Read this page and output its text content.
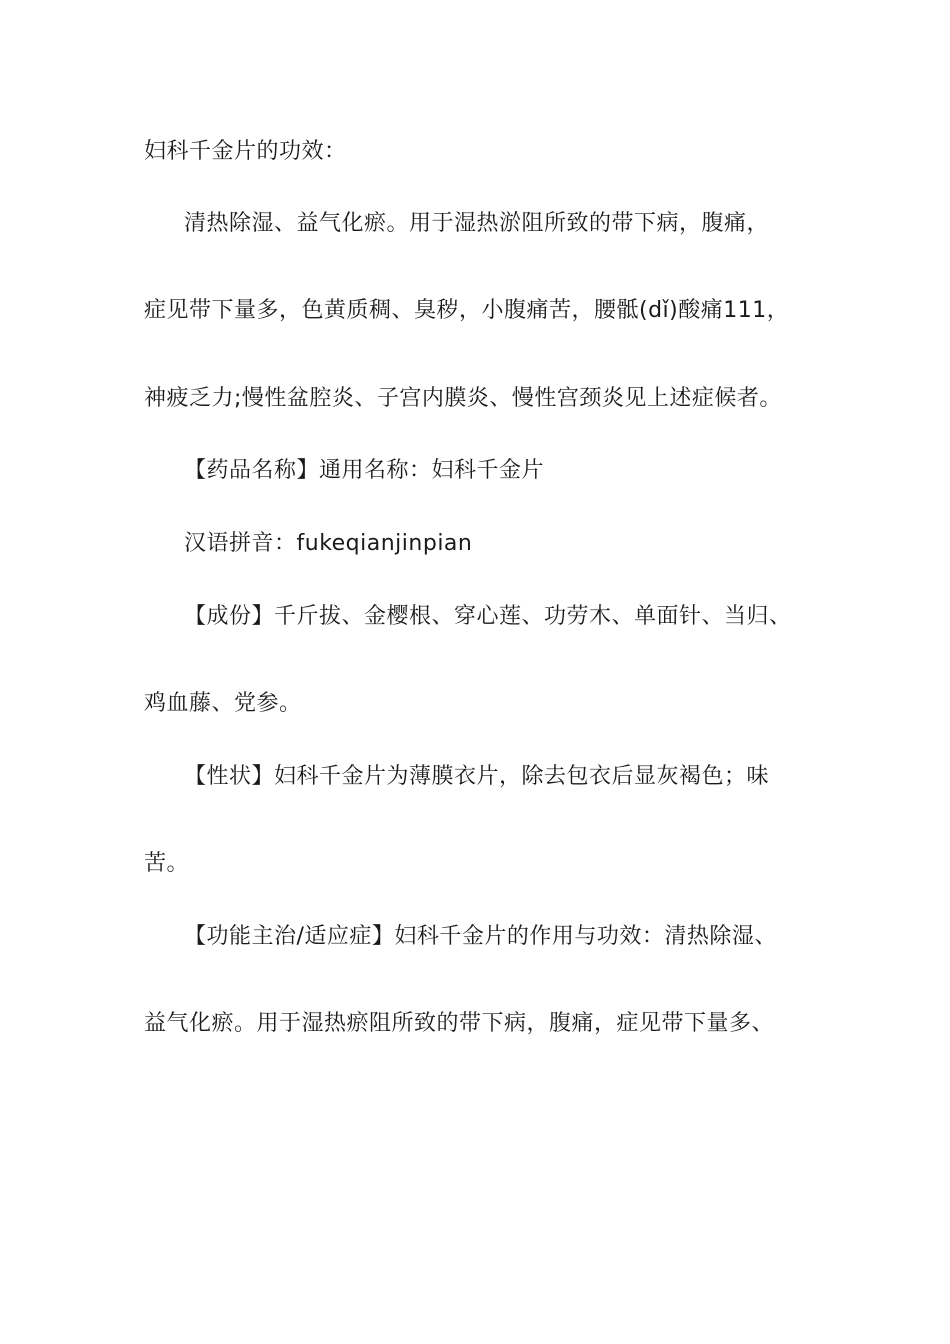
妇科千金片的功效：
清热除湿、益气化瘀。用于湿热淤阻所致的带下病，腹痛，
症见带下量多，色黄质稠、臭秽，小腹痛苦，腰骶(dǐ)酸痛111，
神疲乏力;慢性盆腔炎、子宫内膜炎、慢性宫颈炎见上述症候者。
【药品名称】通用名称：妇科千金片
汉语拼音：fukeqianjinpian
【成份】千斤拔、金樱根、穿心莲、功劳木、单面针、当归、
鸡血藤、党参。
【性状】妇科千金片为薄膜衣片，除去包衣后显灰褐色；味
苦。
【功能主治/适应症】妇科千金片的作用与功效：清热除湿、
益气化瘀。用于湿热瘀阻所致的带下病，腹痛，症见带下量多、
